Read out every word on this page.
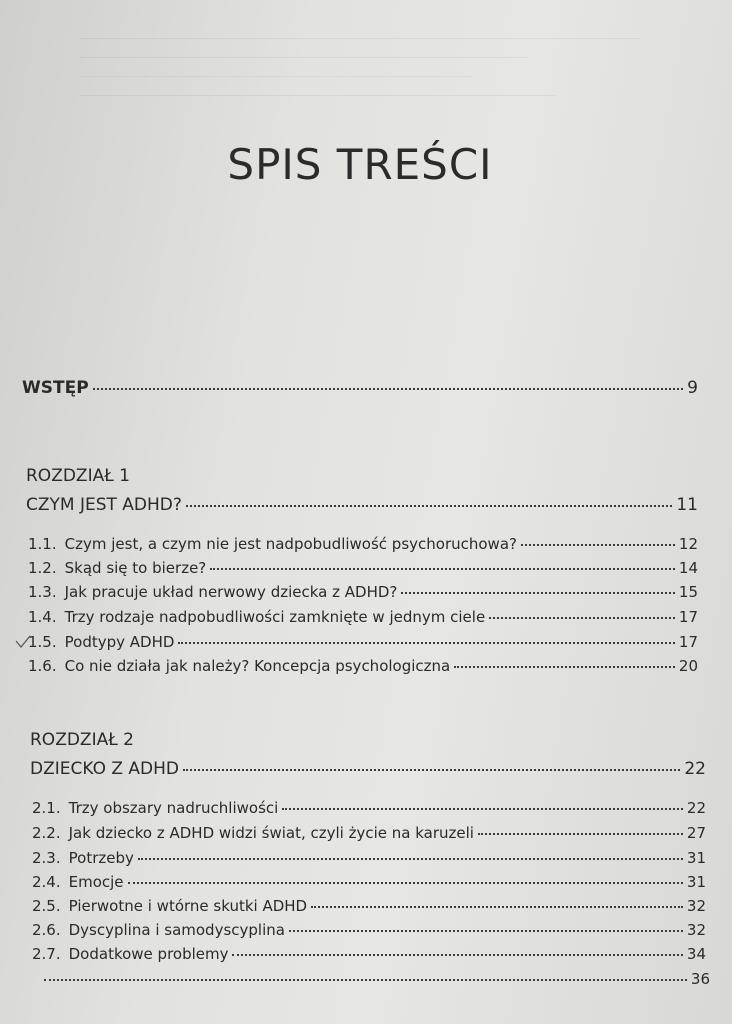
SPIS TREŚCI
WSTĘP	9
ROZDZIAŁ 1
CZYM JEST ADHD?	11
1.1. Czym jest, a czym nie jest nadpobudliwość psychoruchowa?	12
1.2. Skąd się to bierze?	14
1.3. Jak pracuje układ nerwowy dziecka z ADHD?	15
1.4. Trzy rodzaje nadpobudliwości zamknięte w jednym ciele	17
1.5. Podtypy ADHD	17
1.6. Co nie działa jak należy? Koncepcja psychologiczna	20
ROZDZIAŁ 2
DZIECKO Z ADHD	22
2.1. Trzy obszary nadruchliwości	22
2.2. Jak dziecko z ADHD widzi świat, czyli życie na karuzeli	27
2.3. Potrzeby	31
2.4. Emocje	31
2.5. Pierwotne i wtórne skutki ADHD	32
2.6. Dyscyplina i samodyscyplina	32
2.7. Dodatkowe problemy	34
36
